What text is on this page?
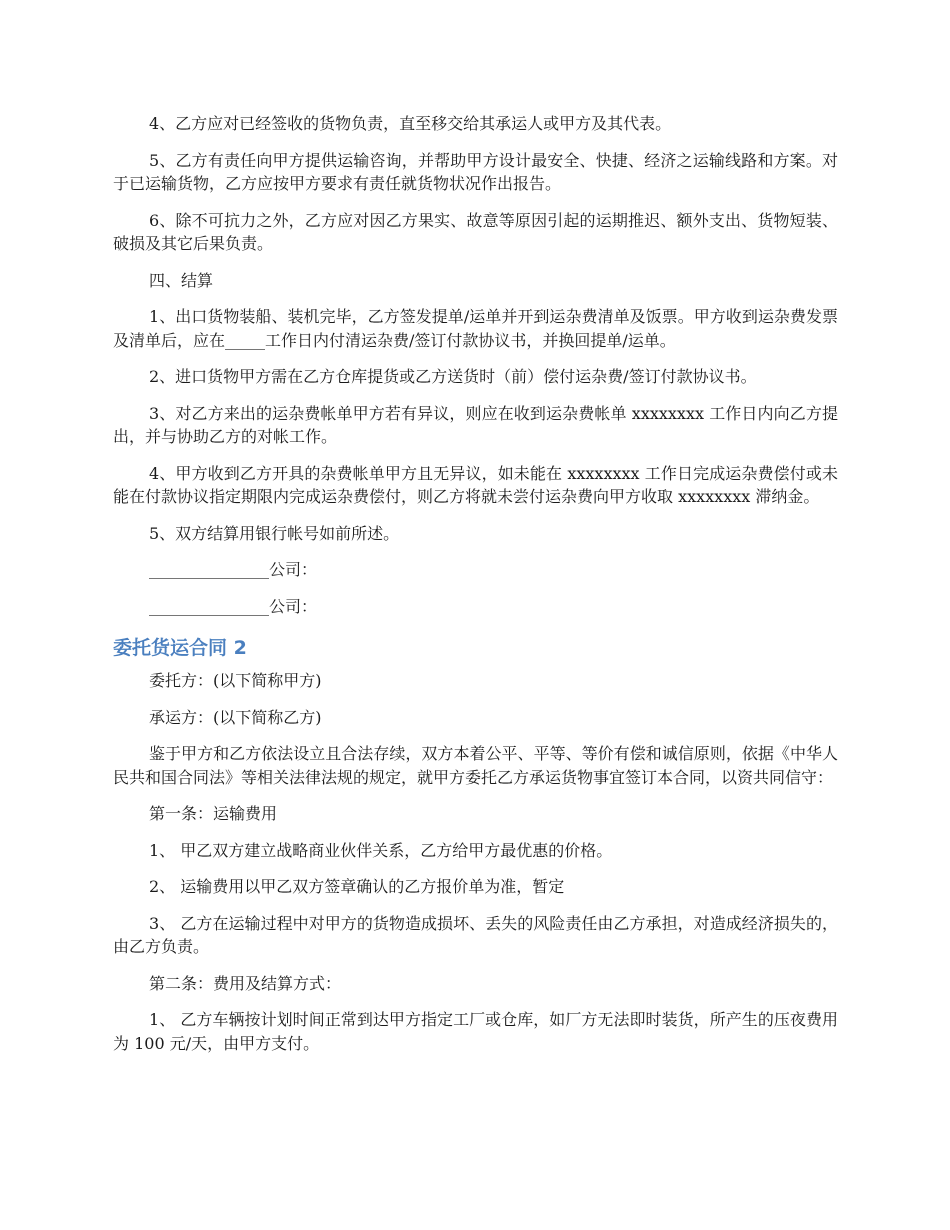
4、乙方应对已经签收的货物负责，直至移交给其承运人或甲方及其代表。

5、乙方有责任向甲方提供运输咨询，并帮助甲方设计最安全、快捷、经济之运输线路和方案。对于已运输货物，乙方应按甲方要求有责任就货物状况作出报告。

6、除不可抗力之外，乙方应对因乙方果实、故意等原因引起的运期推迟、额外支出、货物短装、破损及其它后果负责。

四、结算

1、出口货物装船、装机完毕，乙方签发提单/运单并开到运杂费清单及饭票。甲方收到运杂费发票及清单后，应在_____工作日内付清运杂费/签订付款协议书，并换回提单/运单。

2、进口货物甲方需在乙方仓库提货或乙方送货时（前）偿付运杂费/签订付款协议书。

3、对乙方来出的运杂费帐单甲方若有异议，则应在收到运杂费帐单 xxxxxxxx 工作日内向乙方提出，并与协助乙方的对帐工作。

4、甲方收到乙方开具的杂费帐单甲方且无异议，如未能在 xxxxxxxx 工作日完成运杂费偿付或未能在付款协议指定期限内完成运杂费偿付，则乙方将就未尝付运杂费向甲方收取 xxxxxxxx 滞纳金。

5、双方结算用银行帐号如前所述。

_______________公司：

_______________公司：

委托货运合同 2

委托方：(以下简称甲方)

承运方：(以下简称乙方)

鉴于甲方和乙方依法设立且合法存续，双方本着公平、平等、等价有偿和诚信原则，依据《中华人民共和国合同法》等相关法律法规的规定，就甲方委托乙方承运货物事宜签订本合同，以资共同信守：

第一条：运输费用

1、 甲乙双方建立战略商业伙伴关系，乙方给甲方最优惠的价格。

2、 运输费用以甲乙双方签章确认的乙方报价单为准，暂定

3、 乙方在运输过程中对甲方的货物造成损坏、丢失的风险责任由乙方承担，对造成经济损失的，由乙方负责。

第二条：费用及结算方式：

1、 乙方车辆按计划时间正常到达甲方指定工厂或仓库，如厂方无法即时装货，所产生的压夜费用为 100 元/天，由甲方支付。
